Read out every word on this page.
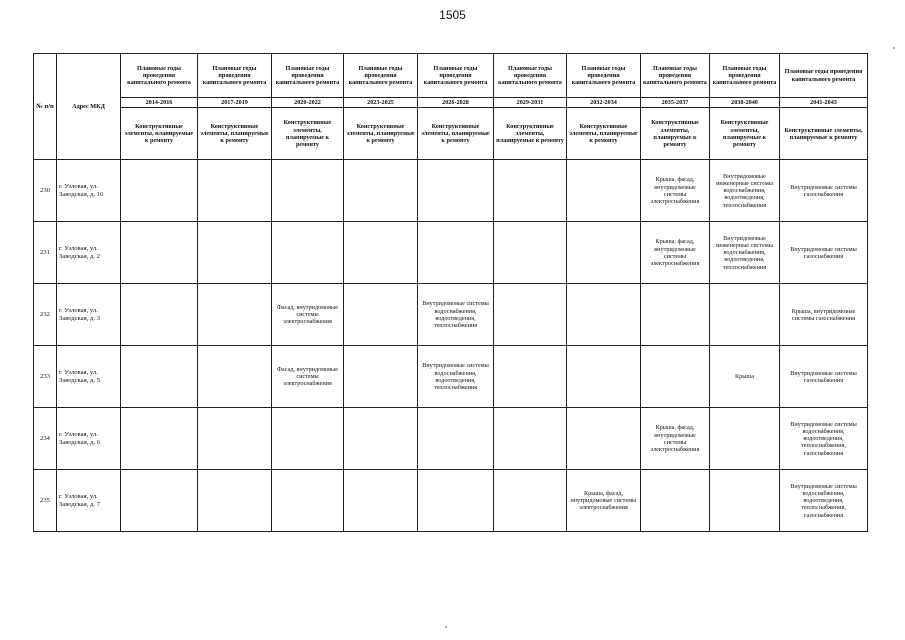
1505
№ п/п	Адрес МКД	Плановые годы проведения капитального ремонта	Плановые годы проведения капитального ремонта	Плановые годы проведения капитального ремонта	Плановые годы проведения капитального ремонта	Плановые годы проведения капитального ремонта	Плановые годы проведения капитального ремонта	Плановые годы проведения капитального ремонта	Плановые годы проведения капитального ремонта	Плановые годы проведения капитального ремонта	Плановые годы проведения капитального ремонта
		2014-2016	2017-2019	2020-2022	2023-2025	2026-2028	2029-2031	2032-2034	2035-2037	2038-2040	2041-2043
		Конструктивные элементы, планируемые к ремонту	Конструктивные элементы, планируемые к ремонту	Конструктивные элементы, планируемые к ремонту	Конструктивные элементы, планируемые к ремонту	Конструктивные элементы, планируемые к ремонту	Конструктивные элементы, планируемые к ремонту	Конструктивные элементы, планируемые к ремонту	Конструктивные элементы, планируемые к ремонту	Конструктивные элементы, планируемые к ремонту	Конструктивные элементы, планируемые к ремонту
230	г. Узловая, ул. Заводская, д. 16								Крыша, фасад, внутридомовые системы электроснабжения	Внутридомовые инженерные системы водоснабжения, водоотведения, теплоснабжения	Внутридомовые системы газоснабжения
231	г. Узловая, ул. Заводская, д. 2								Крыша, фасад, внутридомовые системы электроснабжения	Внутридомовые инженерные системы водоснабжения, водоотведения, теплоснабжения	Внутридомовые системы газоснабжения
232	г. Узловая, ул. Заводская, д. 3			Фасад, внутридомовые системы электроснабжения		Внутридомовые системы водоснабжения, водоотведения, теплоснабжения					Крыша, внутридомовые системы газоснабжения
233	г. Узловая, ул. Заводская, д. 5			Фасад, внутридомовые системы электроснабжения		Внутридомовые системы водоснабжения, водоотведения, теплоснабжения				Крыша	Внутридомовые системы газоснабжения
234	г. Узловая, ул. Заводская, д. 6								Крыша, фасад, внутридомовые системы электроснабжения		Внутридомовые системы водоснабжения, водоотведения, теплоснабжения, газоснабжения
235	г. Узловая, ул. Заводская, д. 7							Крыша, фасад, внутридомовые системы электроснабжения			Внутридомовые системы водоснабжения, водоотведения, теплоснабжения, газоснабжения
